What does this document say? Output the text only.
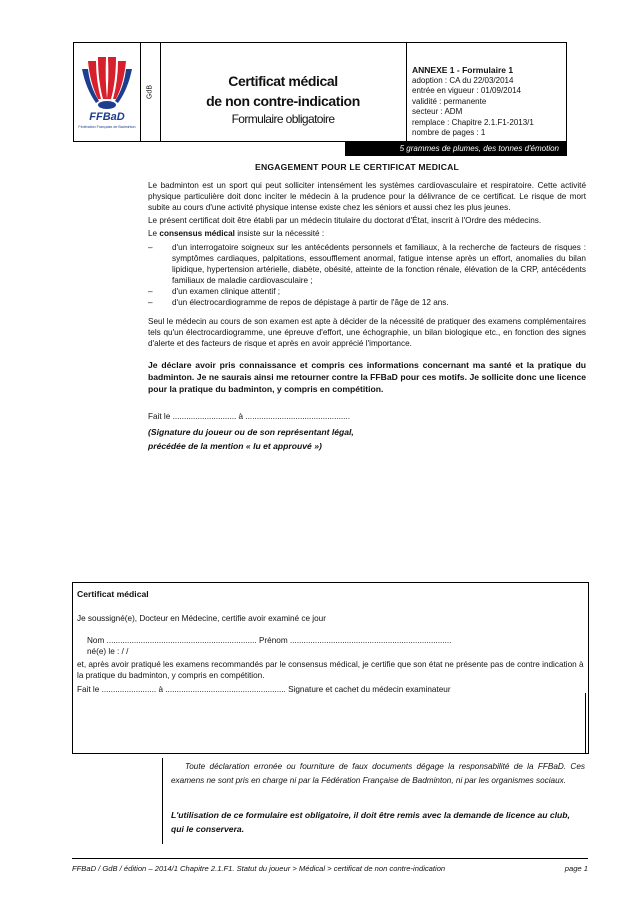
FFBaD
Fédération Française de Badminton
GdB
Certificat médical
de non contre-indication
Formulaire obligatoire
ANNEXE 1 - Formulaire 1
adoption : CA du 22/03/2014
entrée en vigueur : 01/09/2014
validité : permanente
secteur : ADM
remplace : Chapitre 2.1.F1-2013/1
nombre de pages : 1
5 grammes de plumes, des tonnes d'émotion
ENGAGEMENT POUR LE CERTIFICAT MEDICAL

Le badminton est un sport qui peut solliciter intensément les systèmes cardiovasculaire et respiratoire. Cette activité physique particulière doit donc inciter le médecin à la prudence pour la délivrance de ce certificat. Le risque de mort subite au cours d'une activité physique intense existe chez les séniors et aussi chez les plus jeunes.

Le présent certificat doit être établi par un médecin titulaire du doctorat d'État, inscrit à l'Ordre des médecins.

Le consensus médical insiste sur la nécessité :

– d'un interrogatoire soigneux sur les antécédents personnels et familiaux, à la recherche de facteurs de risques : symptômes cardiaques, palpitations, essoufflement anormal, fatigue intense après un effort, anomalies du bilan lipidique, hypertension artérielle, diabète, obésité, atteinte de la fonction rénale, élévation de la CRP, antécédents familiaux de maladie cardiovasculaire ;
– d'un examen clinique attentif ;
– d'un électrocardiogramme de repos de dépistage à partir de l'âge de 12 ans.

Seul le médecin au cours de son examen est apte à décider de la nécessité de pratiquer des examens complémentaires tels qu'un électrocardiogramme, une épreuve d'effort, une échographie, un bilan biologique etc., en fonction des signes d'alerte et des facteurs de risque et après en avoir apprécié l'importance.

Je déclare avoir pris connaissance et compris ces informations concernant ma santé et la pratique du badminton. Je ne saurais ainsi me retourner contre la FFBaD pour ces motifs. Je sollicite donc une licence pour la pratique du badminton, y compris en compétition.

Fait le ............................ à ..............................................

(Signature du joueur ou de son représentant légal,
précédée de la mention « lu et approuvé »)
Certificat médical
Je soussigné(e), Docteur en Médecine, certifie avoir examiné ce jour
Nom .................................................................. Prénom .......................................................................
né(e) le : / /
et, après avoir pratiqué les examens recommandés par le consensus médical, je certifie que son état ne présente pas de contre indication à la pratique du badminton, y compris en compétition.
Fait le ........................ à ..................................................... Signature et cachet du médecin examinateur
Toute déclaration erronée ou fourniture de faux documents dégage la responsabilité de la FFBaD. Ces examens ne sont pris en charge ni par la Fédération Française de Badminton, ni par les organismes sociaux.
L'utilisation de ce formulaire est obligatoire, il doit être remis avec la demande de licence au club, qui le conservera.
FFBaD / GdB / édition – 2014/1 Chapitre 2.1.F1. Statut du joueur > Médical > certificat de non contre-indication	page 1
